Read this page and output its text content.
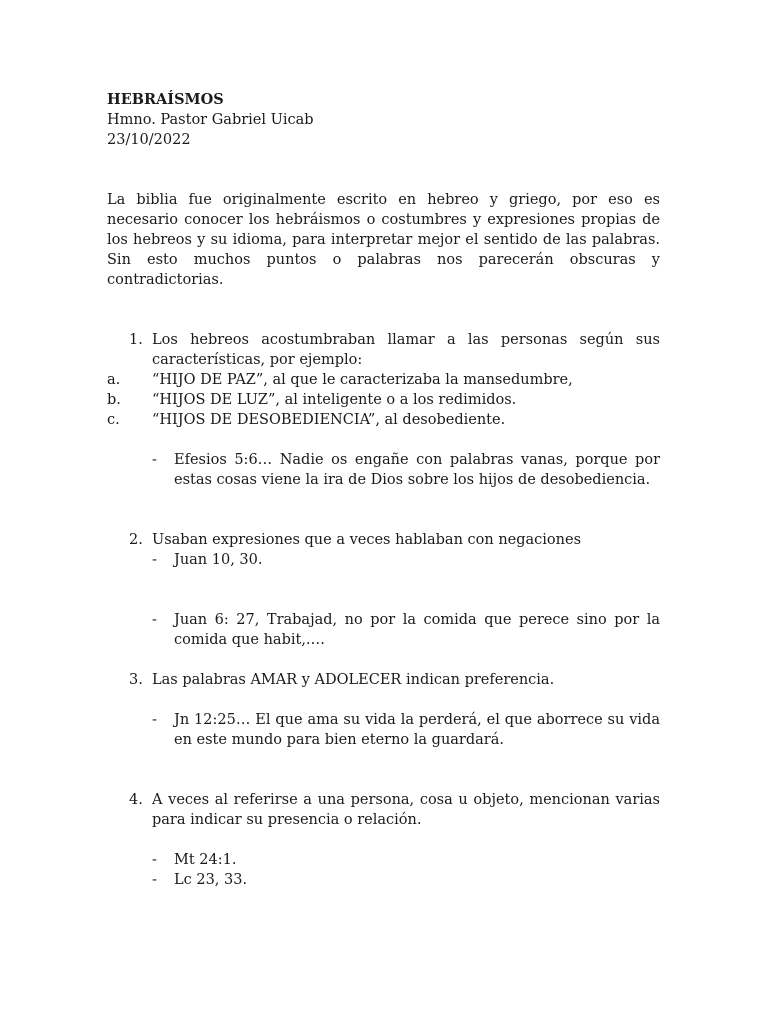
HEBRAÍSMOS
Hmno. Pastor Gabriel Uicab
23/10/2022

La biblia fue originalmente escrito en hebreo y griego, por eso es necesario conocer los hebráismos o costumbres y expresiones propias de los hebreos y su idioma, para interpretar mejor el sentido de las palabras. Sin esto muchos puntos o palabras nos parecerán obscuras y contradictorias.

1. Los hebreos acostumbraban llamar a las personas según sus características, por ejemplo:
a. “HIJO DE PAZ”, al que le caracterizaba la mansedumbre,
b. “HIJOS DE LUZ”, al inteligente o a los redimidos.
c. “HIJOS DE DESOBEDIENCIA”, al desobediente.
- Efesios 5:6… Nadie os engañe con palabras vanas, porque por estas cosas viene la ira de Dios sobre los hijos de desobediencia.
2. Usaban expresiones que a veces hablaban con negaciones
- Juan 10, 30.
- Juan 6: 27, Trabajad, no por la comida que perece sino por la comida que habit,.…
3. Las palabras AMAR y ADOLECER indican preferencia.
- Jn 12:25… El que ama su vida la perderá, el que aborrece su vida en este mundo para bien eterno la guardará.
4. A veces al referirse a una persona, cosa u objeto, mencionan varias para indicar su presencia o relación.
- Mt 24:1.
- Lc 23, 33.
